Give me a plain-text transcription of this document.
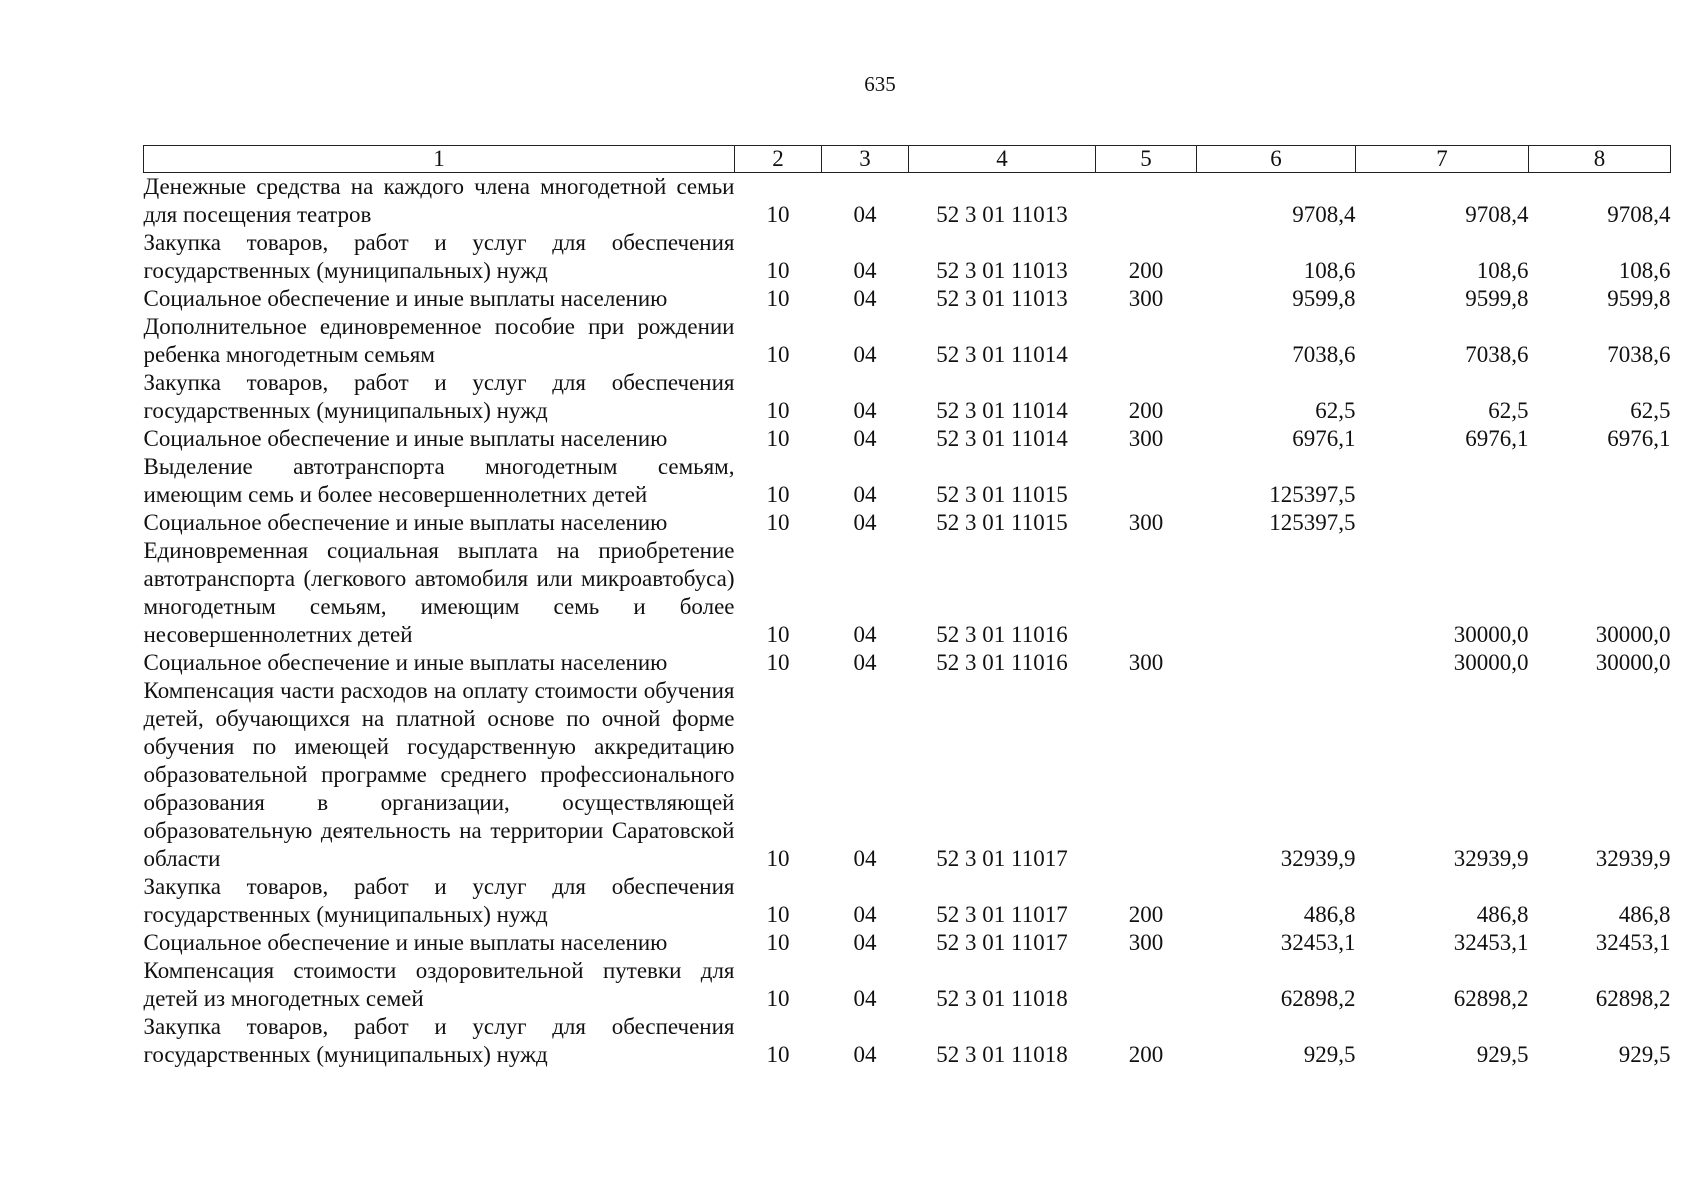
635
1	2	3	4	5	6	7	8
Денежные средства на каждого члена многодетной семьи для посещения театров	10	04	52 3 01 11013		9708,4	9708,4	9708,4
Закупка товаров, работ и услуг для обеспечения государственных (муниципальных) нужд	10	04	52 3 01 11013	200	108,6	108,6	108,6
Социальное обеспечение и иные выплаты населению	10	04	52 3 01 11013	300	9599,8	9599,8	9599,8
Дополнительное единовременное пособие при рождении ребенка многодетным семьям	10	04	52 3 01 11014		7038,6	7038,6	7038,6
Закупка товаров, работ и услуг для обеспечения государственных (муниципальных) нужд	10	04	52 3 01 11014	200	62,5	62,5	62,5
Социальное обеспечение и иные выплаты населению	10	04	52 3 01 11014	300	6976,1	6976,1	6976,1
Выделение автотранспорта многодетным семьям, имеющим семь и более несовершеннолетних детей	10	04	52 3 01 11015		125397,5		
Социальное обеспечение и иные выплаты населению	10	04	52 3 01 11015	300	125397,5		
Единовременная социальная выплата на приобретение автотранспорта (легкового автомобиля или микроавтобуса) многодетным семьям, имеющим семь и более несовершеннолетних детей	10	04	52 3 01 11016			30000,0	30000,0
Социальное обеспечение и иные выплаты населению	10	04	52 3 01 11016	300		30000,0	30000,0
Компенсация части расходов на оплату стоимости обучения детей, обучающихся на платной основе по очной форме обучения по имеющей государственную аккредитацию образовательной программе среднего профессионального образования в организации, осуществляющей образовательную деятельность на территории Саратовской области	10	04	52 3 01 11017		32939,9	32939,9	32939,9
Закупка товаров, работ и услуг для обеспечения государственных (муниципальных) нужд	10	04	52 3 01 11017	200	486,8	486,8	486,8
Социальное обеспечение и иные выплаты населению	10	04	52 3 01 11017	300	32453,1	32453,1	32453,1
Компенсация стоимости оздоровительной путевки для детей из многодетных семей	10	04	52 3 01 11018		62898,2	62898,2	62898,2
Закупка товаров, работ и услуг для обеспечения государственных (муниципальных) нужд	10	04	52 3 01 11018	200	929,5	929,5	929,5
